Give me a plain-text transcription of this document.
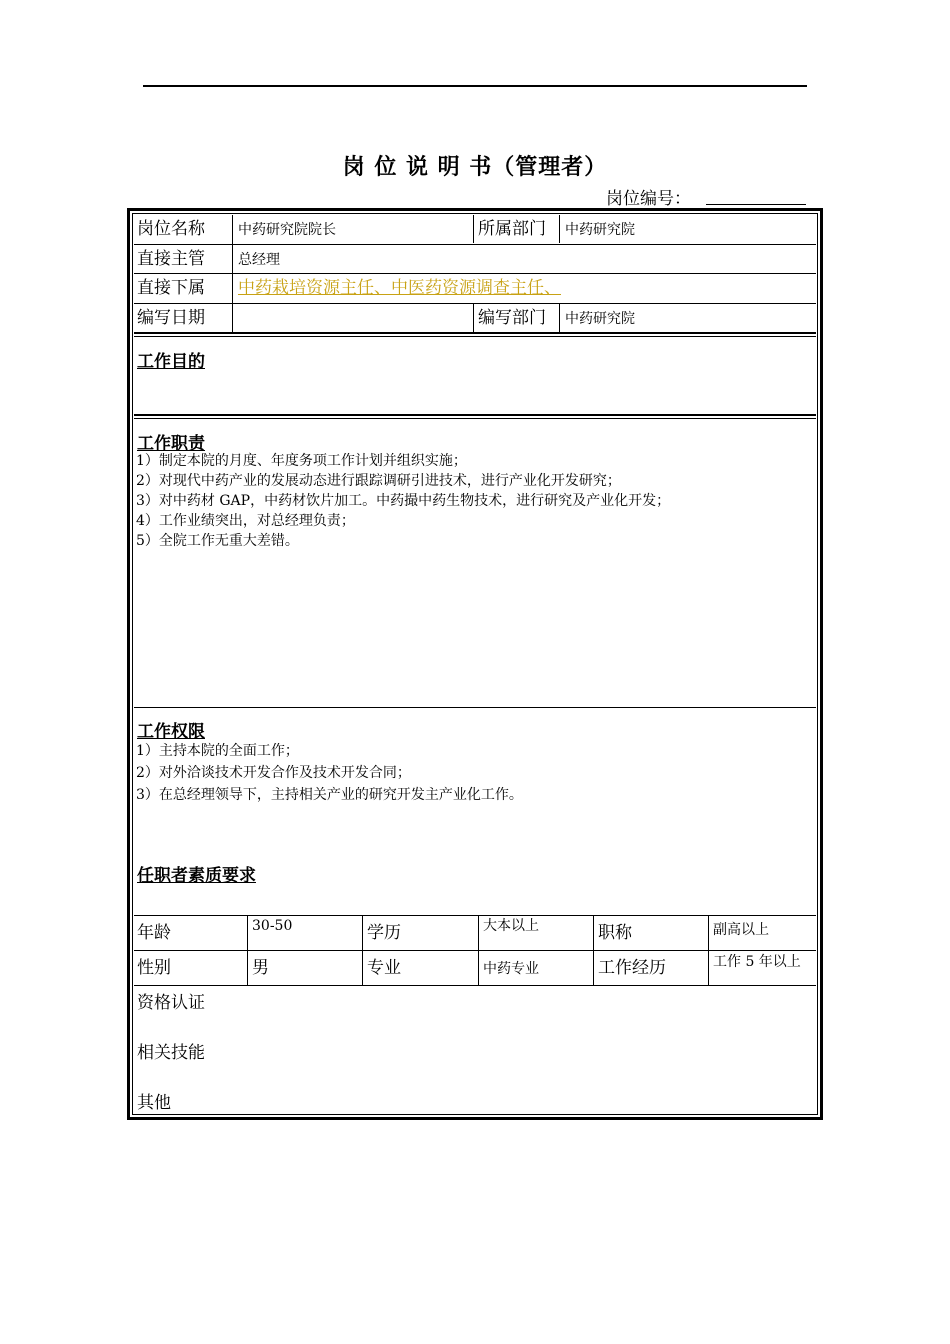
岗 位 说 明 书（管理者）
岗位编号：
岗位名称 中药研究院院长	所属部门 中药研究院
直接主管 总经理
直接下属 中药栽培资源主任、中医药资源调查主任、
编写日期	编写部门 中药研究院
工作目的
工作职责
1）制定本院的月度、年度务项工作计划并组织实施；
2）对现代中药产业的发展动态进行跟踪调研引进技术，进行产业化开发研究；
3）对中药材 GAP，中药材饮片加工。中药撮中药生物技术，进行研究及产业化开发；
4）工作业绩突出，对总经理负责；
5）全院工作无重大差错。
工作权限
1）主持本院的全面工作；
2）对外洽谈技术开发合作及技术开发合同；
3）在总经理领导下，主持相关产业的研究开发主产业化工作。
任职者素质要求
年龄	30-50	学历	大本以上	职称	副高以上
性别	男	专业	中药专业	工作经历	工作 5 年以上
资格认证
相关技能
其他
